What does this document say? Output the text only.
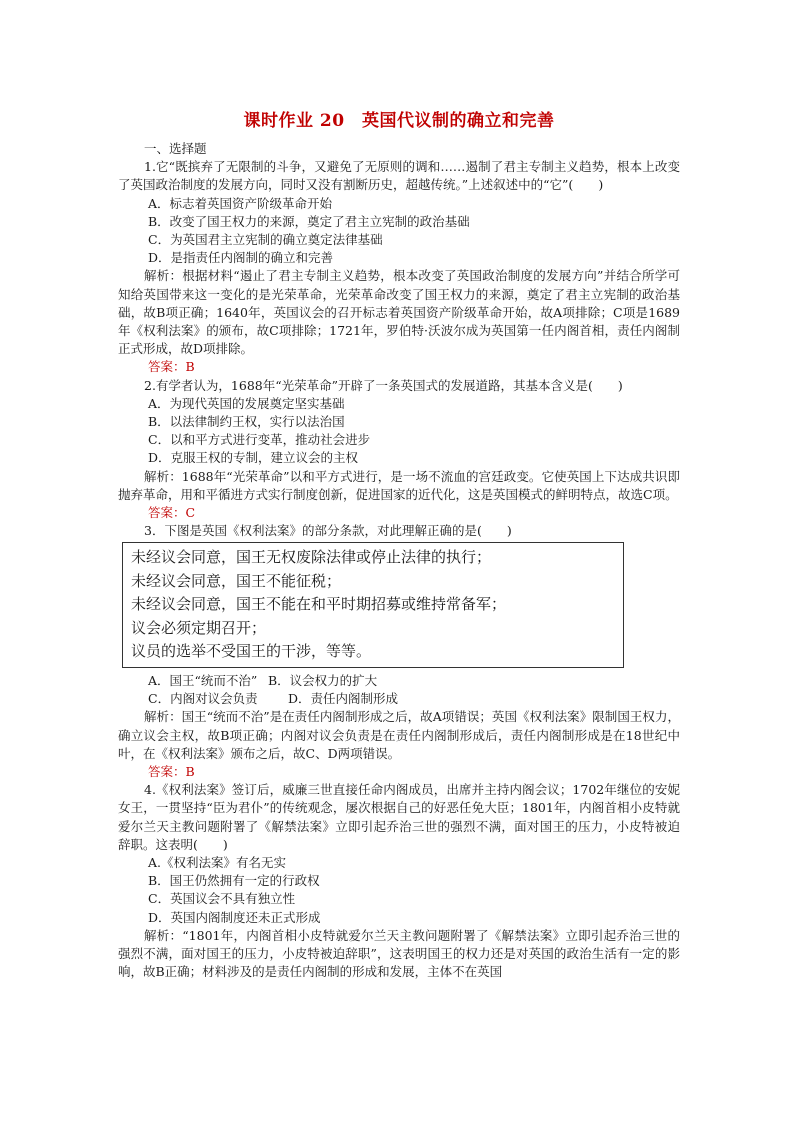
课时作业 20　英国代议制的确立和完善
一、选择题
1.它“既摈弃了无限制的斗争，又避免了无原则的调和……遏制了君主专制主义趋势，根本上改变了英国政治制度的发展方向，同时又没有割断历史，超越传统。”上述叙述中的“它”(　　)
A．标志着英国资产阶级革命开始
B．改变了国王权力的来源，奠定了君主立宪制的政治基础
C．为英国君主立宪制的确立奠定法律基础
D．是指责任内阁制的确立和完善
解析：根据材料“遏止了君主专制主义趋势，根本改变了英国政治制度的发展方向”并结合所学可知给英国带来这一变化的是光荣革命，光荣革命改变了国王权力的来源，奠定了君主立宪制的政治基础，故B项正确；1640年，英国议会的召开标志着英国资产阶级革命开始，故A项排除；C项是1689年《权利法案》的颁布，故C项排除；1721年，罗伯特·沃波尔成为英国第一任内阁首相，责任内阁制正式形成，故D项排除。
答案：B
2.有学者认为，1688年“光荣革命”开辟了一条英国式的发展道路，其基本含义是(　　)
A．为现代英国的发展奠定坚实基础
B．以法律制约王权，实行以法治国
C．以和平方式进行变革，推动社会进步
D．克服王权的专制，建立议会的主权
解析：1688年“光荣革命”以和平方式进行，是一场不流血的宫廷政变。它使英国上下达成共识即抛弃革命，用和平循进方式实行制度创新，促进国家的近代化，这是英国模式的鲜明特点，故选C项。
答案：C
3．下图是英国《权利法案》的部分条款，对此理解正确的是(　　)
未经议会同意，国王无权废除法律或停止法律的执行；
未经议会同意，国王不能征税；
未经议会同意，国王不能在和平时期招募或维持常备军；
议会必须定期召开；
议员的选举不受国王的干涉，等等。
A．国王“统而不治” B．议会权力的扩大
C．内阁对议会负责 D．责任内阁制形成
解析：国王“统而不治”是在责任内阁制形成之后，故A项错误；英国《权利法案》限制国王权力，确立议会主权，故B项正确；内阁对议会负责是在责任内阁制形成后，责任内阁制形成是在18世纪中叶，在《权利法案》颁布之后，故C、D两项错误。
答案：B
4.《权利法案》签订后，威廉三世直接任命内阁成员，出席并主持内阁会议；1702年继位的安妮女王，一贯坚持“臣为君仆”的传统观念，屡次根据自己的好恶任免大臣；1801年，内阁首相小皮特就爱尔兰天主教问题附署了《解禁法案》立即引起乔治三世的强烈不满，面对国王的压力，小皮特被迫辞职。这表明(　　)
A.《权利法案》有名无实
B．国王仍然拥有一定的行政权
C．英国议会不具有独立性
D．英国内阁制度还未正式形成
解析：“1801年，内阁首相小皮特就爱尔兰天主教问题附署了《解禁法案》立即引起乔治三世的强烈不满，面对国王的压力，小皮特被迫辞职”，这表明国王的权力还是对英国的政治生活有一定的影响，故B正确；材料涉及的是责任内阁制的形成和发展，主体不在英国
